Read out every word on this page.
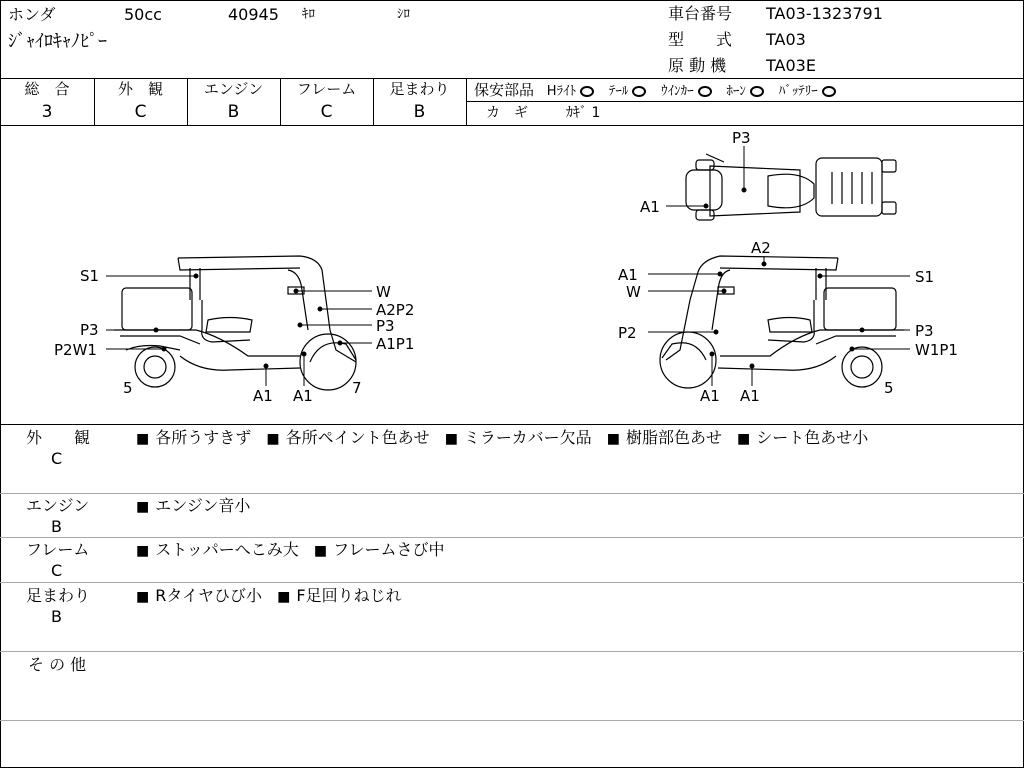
ホンダ	50cc	40945 ｷﾛ	ｼﾛ
ｼﾞｬｲﾛｷｬﾉﾋﾟｰ
車台番号 TA03-1323791
型　　式 TA03
原 動 機 TA03E
総　合
3
外　観
C
エンジン
B
フレーム
C
足まわり
B
保安部品 Hﾗｲﾄ	ﾃｰﾙ	ｳｲﾝｶｰ	ﾎｰﾝ	ﾊﾞｯﾃﾘｰ
カ　ギ	ｶｷﾞ 1
S1
W
A2P2
P3
P3
A1P1
P2W1
5	7
A1 A1
A2
A1	S1
W
P2	P3
W1P1
5
A1 A1
P3
A1
外　　観
C
■ 各所うすきず ■ 各所ペイント色あせ ■ ミラーカバー欠品 ■ 樹脂部色あせ ■ シート色あせ小
エンジン
B
■ エンジン音小
フレーム
C
■ ストッパーへこみ大 ■ フレームさび中
足まわり
B
■ Rタイヤひび小 ■ F足回りねじれ
そ の 他
